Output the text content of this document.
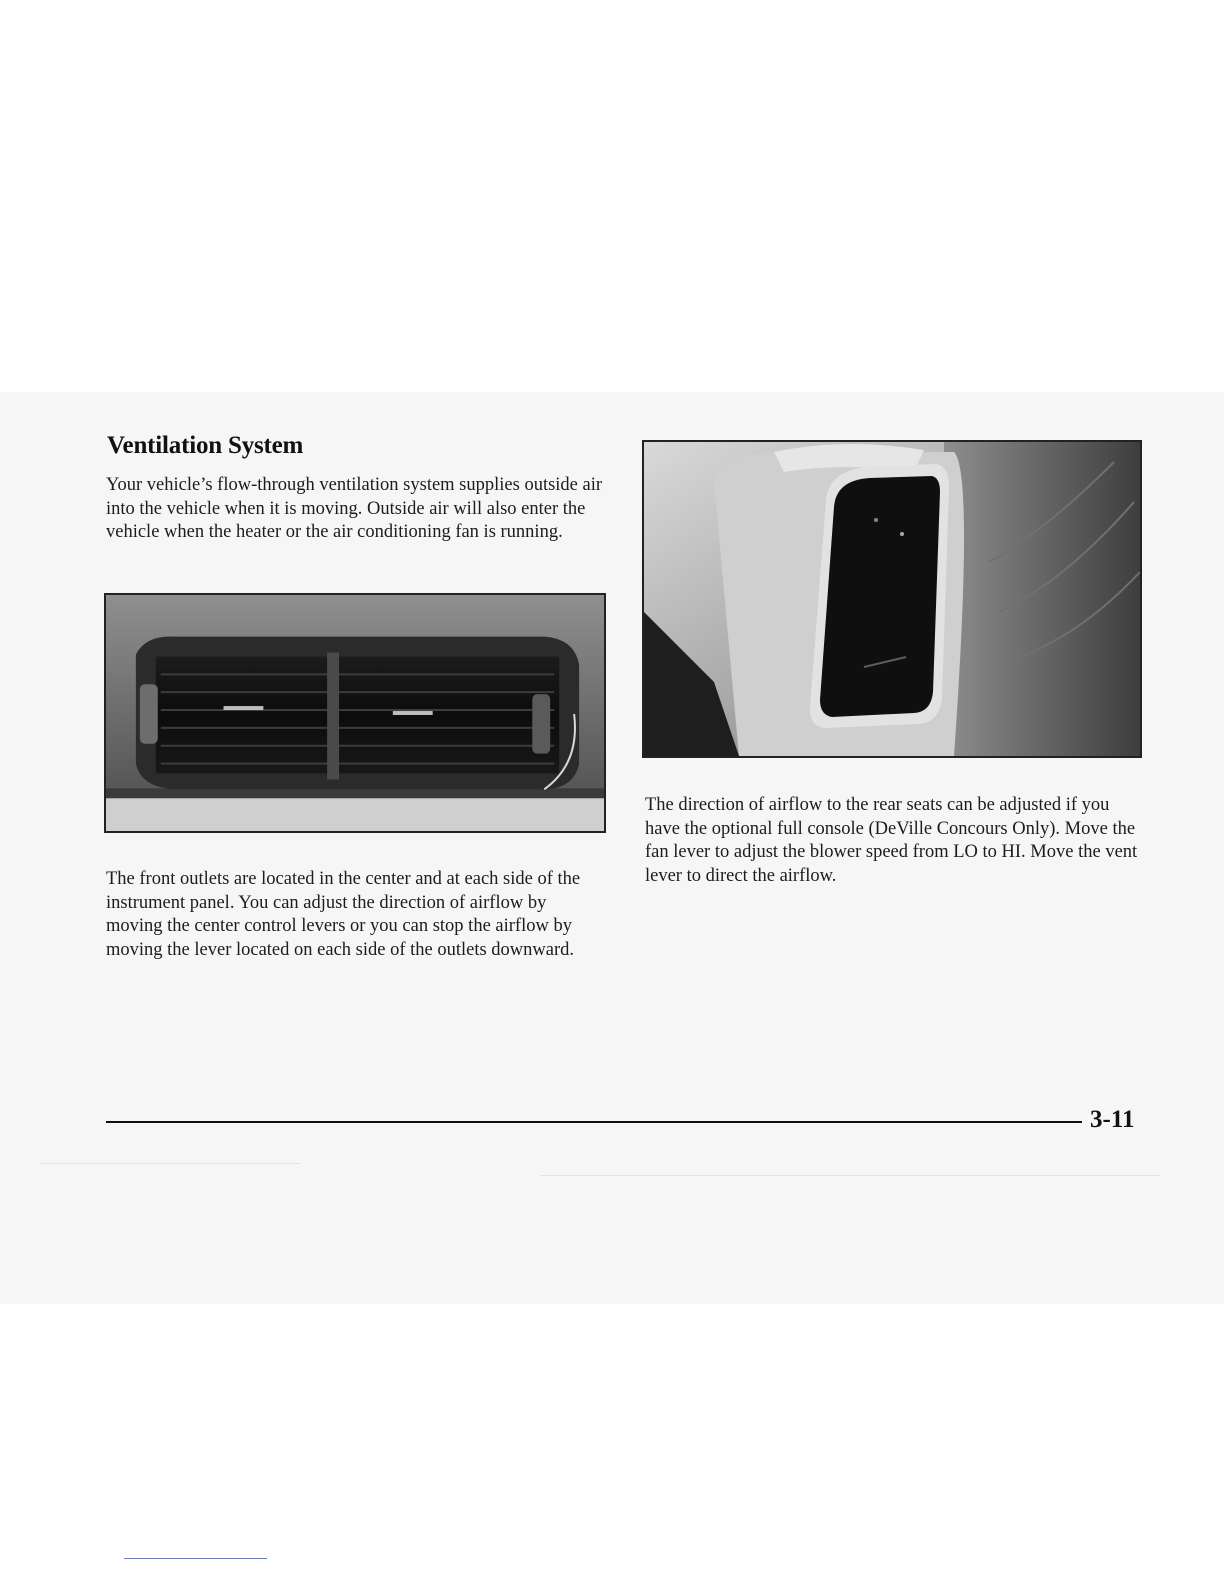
Ventilation System

Your vehicle’s flow-through ventilation system supplies outside air into the vehicle when it is moving. Outside air will also enter the vehicle when the heater or the air conditioning fan is running.

The front outlets are located in the center and at each side of the instrument panel. You can adjust the direction of airflow by moving the center control levers or you can stop the airflow by moving the lever located on each side of the outlets downward.

The direction of airflow to the rear seats can be adjusted if you have the optional full console (DeVille Concours Only). Move the fan lever to adjust the blower speed from LO to HI. Move the vent lever to direct the airflow.

3-11
